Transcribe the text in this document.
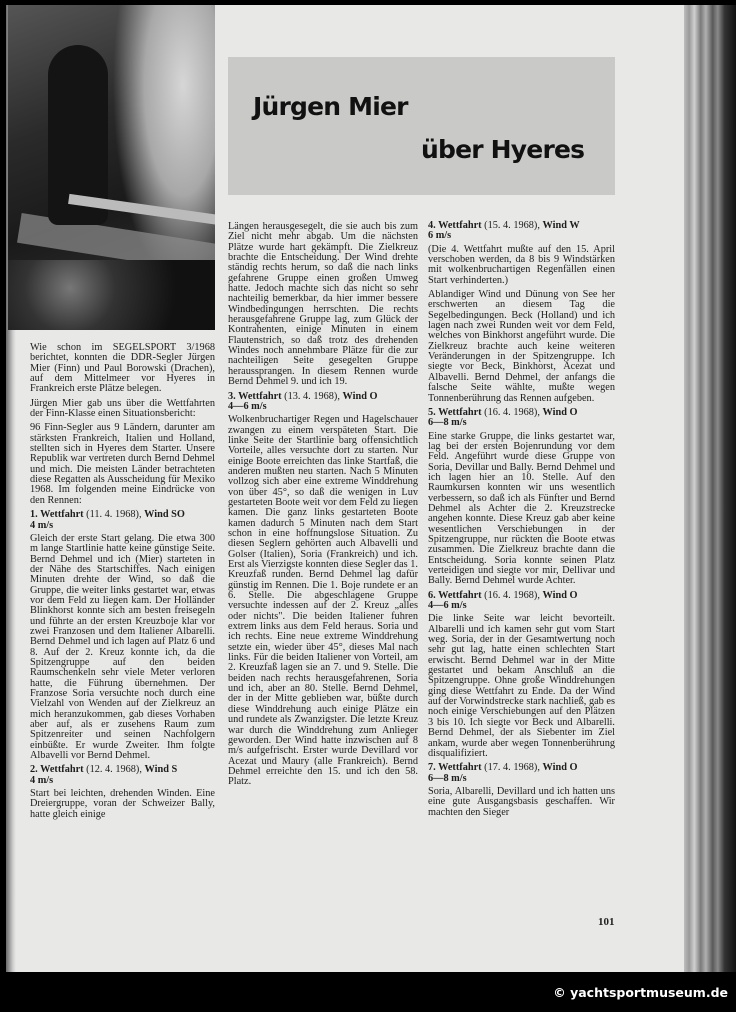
Jürgen Mier
über Hyeres

Wie schon im SEGELSPORT 3/1968 berichtet, konnten die DDR-Segler Jürgen Mier (Finn) und Paul Borowski (Drachen), auf dem Mittelmeer vor Hyeres in Frankreich erste Plätze belegen.

Jürgen Mier gab uns über die Wettfahrten der Finn-Klasse einen Situationsbericht:

96 Finn-Segler aus 9 Ländern, darunter am stärksten Frankreich, Italien und Holland, stellten sich in Hyeres dem Starter. Unsere Republik war vertreten durch Bernd Dehmel und mich. Die meisten Länder betrachteten diese Regatten als Ausscheidung für Mexiko 1968. Im folgenden meine Eindrücke von den Rennen:

1. Wettfahrt (11. 4. 1968), Wind SO
4 m/s

Gleich der erste Start gelang. Die etwa 300 m lange Startlinie hatte keine günstige Seite. Bernd Dehmel und ich (Mier) starteten in der Nähe des Startschiffes. Nach einigen Minuten drehte der Wind, so daß die Gruppe, die weiter links gestartet war, etwas vor dem Feld zu liegen kam. Der Holländer Blinkhorst konnte sich am besten freisegeln und führte an der ersten Kreuzboje klar vor zwei Franzosen und dem Italiener Albarelli. Bernd Dehmel und ich lagen auf Platz 6 und 8. Auf der 2. Kreuz konnte ich, da die Spitzengruppe auf den beiden Raumschenkeln sehr viele Meter verloren hatte, die Führung übernehmen. Der Franzose Soria versuchte noch durch eine Vielzahl von Wenden auf der Zielkreuz an mich heranzukommen, gab dieses Vorhaben aber auf, als er zusehens Raum zum Spitzenreiter und seinen Nachfolgern einbüßte. Er wurde Zweiter. Ihm folgte Albavelli vor Bernd Dehmel.

2. Wettfahrt (12. 4. 1968), Wind S
4 m/s

Start bei leichten, drehenden Winden. Eine Dreiergruppe, voran der Schweizer Bally, hatte gleich einige

Längen herausgesegelt, die sie auch bis zum Ziel nicht mehr abgab. Um die nächsten Plätze wurde hart gekämpft. Die Zielkreuz brachte die Entscheidung. Der Wind drehte ständig rechts herum, so daß die nach links gefahrene Gruppe einen großen Umweg hatte. Jedoch machte sich das nicht so sehr nachteilig bemerkbar, da hier immer bessere Windbedingungen herrschten. Die rechts herausgefahrene Gruppe lag, zum Glück der Kontrahenten, einige Minuten in einem Flautenstrich, so daß trotz des drehenden Windes noch annehmbare Plätze für die zur nachteiligen Seite gesegelten Gruppe heraussprangen. In diesem Rennen wurde Bernd Dehmel 9. und ich 19.

3. Wettfahrt (13. 4. 1968), Wind O
4—6 m/s

Wolkenbruchartiger Regen und Hagelschauer zwangen zu einem verspäteten Start. Die linke Seite der Startlinie barg offensichtlich Vorteile, alles versuchte dort zu starten. Nur einige Boote erreichten das linke Startfaß, die anderen mußten neu starten. Nach 5 Minuten vollzog sich aber eine extreme Winddrehung von über 45°, so daß die wenigen in Luv gestarteten Boote weit vor dem Feld zu liegen kamen. Die ganz links gestarteten Boote kamen dadurch 5 Minuten nach dem Start schon in eine hoffnungslose Situation. Zu diesen Seglern gehörten auch Albavelli und Golser (Italien), Soria (Frankreich) und ich. Erst als Vierzigste konnten diese Segler das 1. Kreuzfaß runden. Bernd Dehmel lag dafür günstig im Rennen. Die 1. Boje rundete er an 6. Stelle. Die abgeschlagene Gruppe versuchte indessen auf der 2. Kreuz „alles oder nichts". Die beiden Italiener fuhren extrem links aus dem Feld heraus. Soria und ich rechts. Eine neue extreme Winddrehung setzte ein, wieder über 45°, dieses Mal nach links. Für die beiden Italiener von Vorteil, am 2. Kreuzfaß lagen sie an 7. und 9. Stelle. Die beiden nach rechts herausgefahrenen, Soria und ich, aber an 80. Stelle. Bernd Dehmel, der in der Mitte geblieben war, büßte durch diese Winddrehung auch einige Plätze ein und rundete als Zwanzigster. Die letzte Kreuz war durch die Winddrehung zum Anlieger geworden. Der Wind hatte inzwischen auf 8 m/s aufgefrischt. Erster wurde Devillard vor Acezat und Maury (alle Frankreich). Bernd Dehmel erreichte den 15. und ich den 58. Platz.

4. Wettfahrt (15. 4. 1968), Wind W
6 m/s

(Die 4. Wettfahrt mußte auf den 15. April verschoben werden, da 8 bis 9 Windstärken mit wolkenbruchartigen Regenfällen einen Start verhinderten.)

Ablandiger Wind und Dünung von See her erschwerten an diesem Tag die Segelbedingungen. Beck (Holland) und ich lagen nach zwei Runden weit vor dem Feld, welches von Binkhorst angeführt wurde. Die Zielkreuz brachte auch keine weiteren Veränderungen in der Spitzengruppe. Ich siegte vor Beck, Binkhorst, Acezat und Albavelli. Bernd Dehmel, der anfangs die falsche Seite wählte, mußte wegen Tonnenberührung das Rennen aufgeben.

5. Wettfahrt (16. 4. 1968), Wind O
6—8 m/s

Eine starke Gruppe, die links gestartet war, lag bei der ersten Bojenrundung vor dem Feld. Angeführt wurde diese Gruppe von Soria, Devillar und Bally. Bernd Dehmel und ich lagen hier an 10. Stelle. Auf den Raumkursen konnten wir uns wesentlich verbessern, so daß ich als Fünfter und Bernd Dehmel als Achter die 2. Kreuzstrecke angehen konnte. Diese Kreuz gab aber keine wesentlichen Verschiebungen in der Spitzengruppe, nur rückten die Boote etwas zusammen. Die Zielkreuz brachte dann die Entscheidung. Soria konnte seinen Platz verteidigen und siegte vor mir, Dellivar und Bally. Bernd Dehmel wurde Achter.

6. Wettfahrt (16. 4. 1968), Wind O
4—6 m/s

Die linke Seite war leicht bevorteilt. Albarelli und ich kamen sehr gut vom Start weg. Soria, der in der Gesamtwertung noch sehr gut lag, hatte einen schlechten Start erwischt. Bernd Dehmel war in der Mitte gestartet und bekam Anschluß an die Spitzengruppe. Ohne große Winddrehungen ging diese Wettfahrt zu Ende. Da der Wind auf der Vorwindstrecke stark nachließ, gab es noch einige Verschiebungen auf den Plätzen 3 bis 10. Ich siegte vor Beck und Albarelli. Bernd Dehmel, der als Siebenter im Ziel ankam, wurde aber wegen Tonnenberührung disqualifiziert.

7. Wettfahrt (17. 4. 1968), Wind O
6—8 m/s

Soria, Albarelli, Devillard und ich hatten uns eine gute Ausgangsbasis geschaffen. Wir machten den Sieger

101

© yachtsportmuseum.de
